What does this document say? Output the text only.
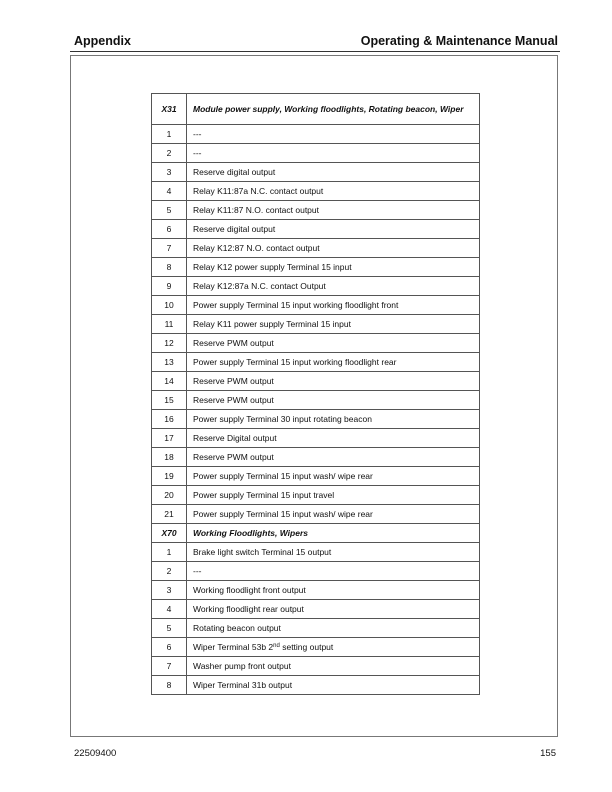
Appendix	Operating & Maintenance Manual
X31	Module power supply, Working floodlights, Rotating beacon, Wiper
1	---
2	---
3	Reserve digital output
4	Relay K11:87a N.C. contact output
5	Relay K11:87 N.O. contact output
6	Reserve digital output
7	Relay K12:87 N.O. contact output
8	Relay K12 power supply Terminal 15 input
9	Relay K12:87a N.C. contact Output
10	Power supply Terminal 15 input working floodlight front
11	Relay K11 power supply Terminal 15 input
12	Reserve PWM output
13	Power supply Terminal 15 input working floodlight rear
14	Reserve PWM output
15	Reserve PWM output
16	Power supply Terminal 30 input rotating beacon
17	Reserve Digital output
18	Reserve PWM output
19	Power supply Terminal 15 input wash/ wipe rear
20	Power supply Terminal 15 input travel
21	Power supply Terminal 15 input wash/ wipe rear
X70	Working Floodlights, Wipers
1	Brake light switch Terminal 15 output
2	---
3	Working floodlight front output
4	Working floodlight rear output
5	Rotating beacon output
6	Wiper Terminal 53b 2nd setting output
7	Washer pump front output
8	Wiper Terminal 31b output
22509400	155
